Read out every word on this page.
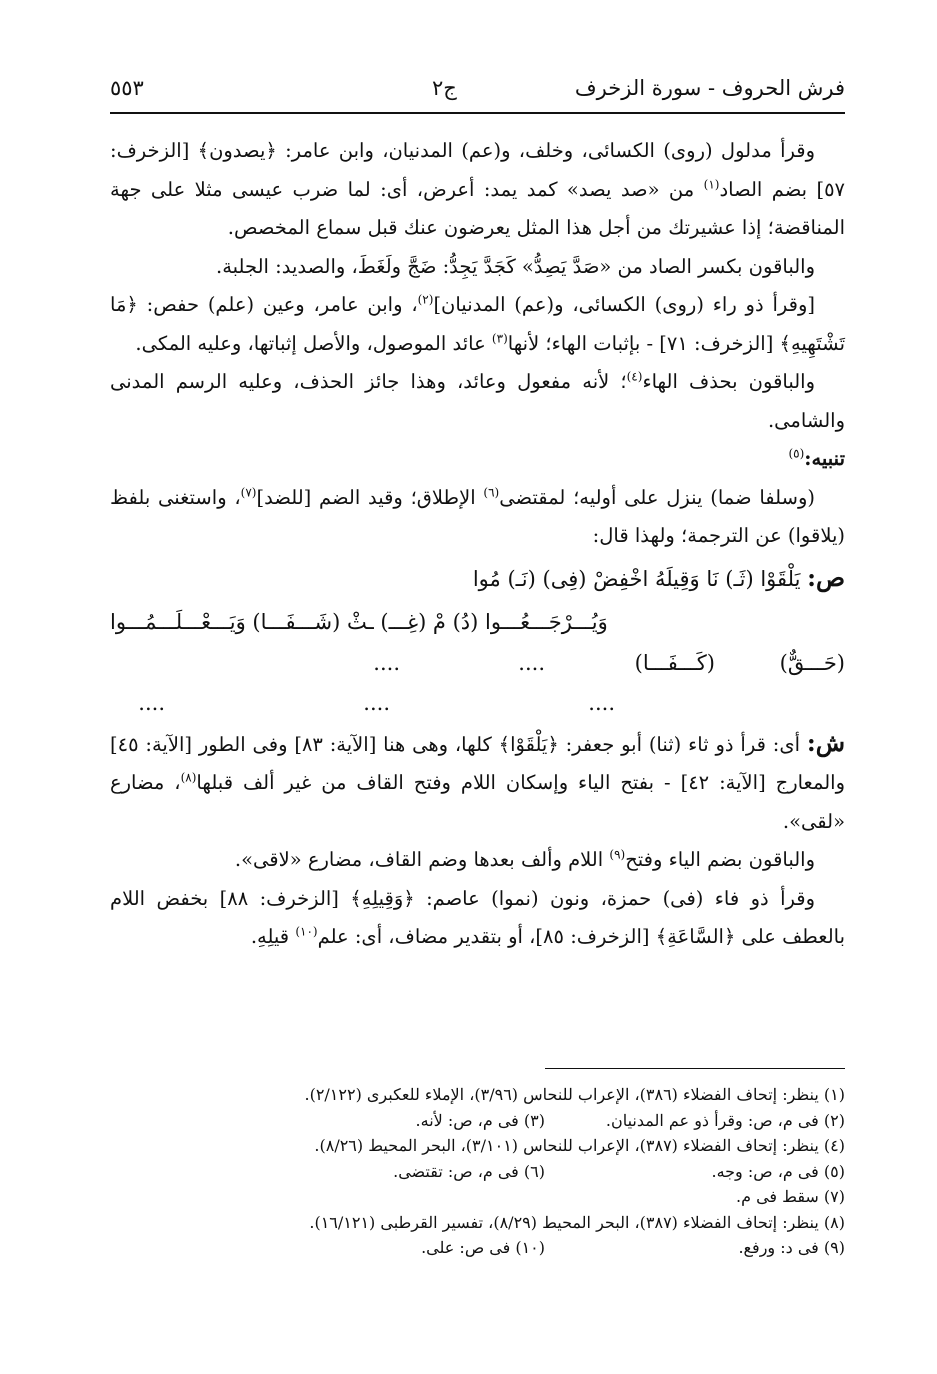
فرش الحروف - سورة الزخرف
ج٢
٥٥٣

وقرأ مدلول (روى) الكسائى، وخلف، و(عم) المدنيان، وابن عامر: ﴿يصدون﴾ [الزخرف: ٥٧] بضم الصاد$^{(١)}$ من «صد يصد» كمد يمد: أعرض، أى: لما ضرب عيسى مثلا على جهة المناقضة؛ إذا عشيرتك من أجل هذا المثل يعرضون عنك قبل سماع المخصص.

والباقون بكسر الصاد من «صَدَّ يَصِدُّ» كَجَدَّ يَجِدُّ: ضَجَّ ولَغَطَ، والصديد: الجلبة.

[وقرأ ذو راء (روى) الكسائى، و(عم) المدنيان]$^{(٢)}$، وابن عامر، وعين (علم) حفص: ﴿مَا تَشْتَهِيهِ﴾ [الزخرف: ٧١] - بإثبات الهاء؛ لأنها$^{(٣)}$ عائد الموصول، والأصل إثباتها، وعليه المكى.

والباقون بحذف الهاء$^{(٤)}$؛ لأنه مفعول وعائد، وهذا جائز الحذف، وعليه الرسم المدنى والشامى.

تنبيه:$^{(٥)}$

(وسلفا ضما) ينزل على أوليه؛ لمقتضى$^{(٦)}$ الإطلاق؛ وقيد الضم [للضد]$^{(٧)}$، واستغنى بلفظ (يلاقوا) عن الترجمة؛ ولهذا قال:

ص: يَلْقَوْا (ثَـ) نَا وَقِيلَهُ اخْفِضْ (فِى) (نَـ) مُوا
وَيُـــرْجَـــعُـــوا (دُ) مْ (غِـــ) ـثْ (شَـــفَـــا) وَيَـــعْـــلَـــمُـــوا
(حَـــقٌّ)
(كَـــفَـــا)
....
....
....
....
....

ش: أى: قرأ ذو ثاء (ثنا) أبو جعفر: ﴿يَلْقَوْا﴾ كلها، وهى هنا [الآية: ٨٣] وفى الطور [الآية: ٤٥] والمعارج [الآية: ٤٢] - بفتح الياء وإسكان اللام وفتح القاف من غير ألف قبلها$^{(٨)}$، مضارع «لقى».

والباقون بضم الياء وفتح$^{(٩)}$ اللام وألف بعدها وضم القاف، مضارع «لاقى».

وقرأ ذو فاء (فى) حمزة، ونون (نموا) عاصم: ﴿وَقِيلِهِ﴾ [الزخرف: ٨٨] بخفض اللام بالعطف على ﴿السَّاعَةِ﴾ [الزخرف: ٨٥]، أو بتقدير مضاف، أى: علم$^{(١٠)}$ قيلِهِ.

(١) ينظر: إتحاف الفضلاء (٣٨٦)، الإعراب للنحاس (٣/٩٦)، الإملاء للعكبرى (٢/١٢٢).
(٢) فى م، ص: وقرأ ذو عم المدنيان.
(٣) فى م، ص: لأنه.
(٤) ينظر: إتحاف الفضلاء (٣٨٧)، الإعراب للنحاس (٣/١٠١)، البحر المحيط (٨/٢٦).
(٥) فى م، ص: وجه.
(٦) فى م، ص: تقتضى.
(٧) سقط فى م.
(٨) ينظر: إتحاف الفضلاء (٣٨٧)، البحر المحيط (٨/٢٩)، تفسير القرطبى (١٦/١٢١).
(٩) فى د: ورفع.
(١٠) فى ص: على.
